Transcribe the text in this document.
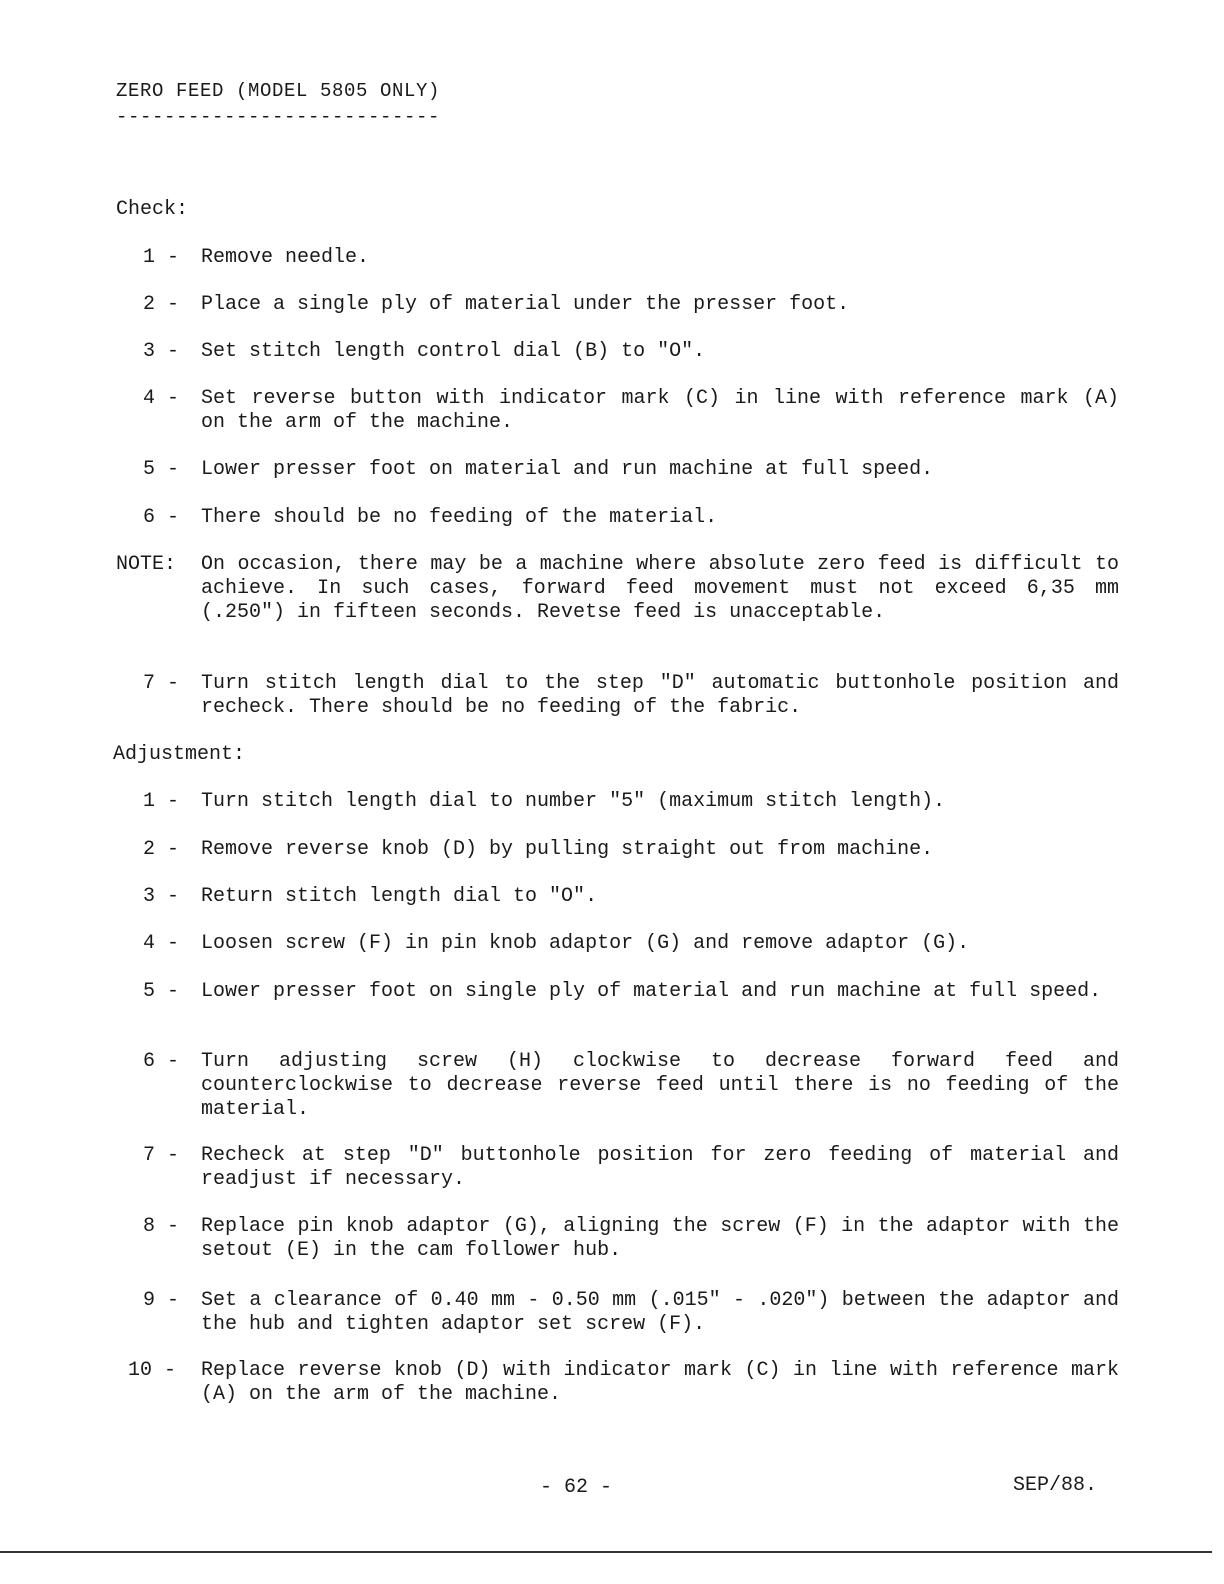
ZERO FEED (MODEL 5805 ONLY)
---------------------------
Check:
1 - Remove needle.
2 - Place a single ply of material under the presser foot.
3 - Set stitch length control dial (B) to "O".
4 - Set reverse button with indicator mark (C) in line with reference mark (A) on the arm of the machine.
5 - Lower presser foot on material and run machine at full speed.
6 - There should be no feeding of the material.
NOTE: On occasion, there may be a machine where absolute zero feed is difficult to achieve. In such cases, forward feed movement must not exceed 6,35 mm (.250") in fifteen seconds. Revetse feed is unacceptable.
7 - Turn stitch length dial to the step "D" automatic buttonhole position and recheck. There should be no feeding of the fabric.
Adjustment:
1 - Turn stitch length dial to number "5" (maximum stitch length).
2 - Remove reverse knob (D) by pulling straight out from machine.
3 - Return stitch length dial to "O".
4 - Loosen screw (F) in pin knob adaptor (G) and remove adaptor (G).
5 - Lower presser foot on single ply of material and run machine at full speed.
6 - Turn adjusting screw (H) clockwise to decrease forward feed and counterclockwise to decrease reverse feed until there is no feeding of the material.
7 - Recheck at step "D" buttonhole position for zero feeding of material and readjust if necessary.
8 - Replace pin knob adaptor (G), aligning the screw (F) in the adaptor with the setout (E) in the cam follower hub.
9 - Set a clearance of 0.40 mm - 0.50 mm (.015" - .020") between the adaptor and the hub and tighten adaptor set screw (F).
10 - Replace reverse knob (D) with indicator mark (C) in line with reference mark (A) on the arm of the machine.
- 62 -	SEP/88.
